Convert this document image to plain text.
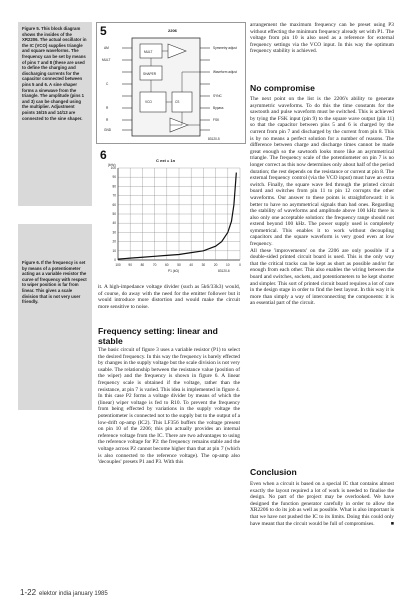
Figure 5. This block diagram shows the insides of the XR2206. The actual oscillator in the IC (VCO) supplies triangle and square waveforms. The frequency can be set by means of pins 7 and 8 (these are used to define the charging and discharging currents for the capacitor connected between pins 5 and 6. A sine shaper forms a sinewave from the triangle. The amplitude (pins 1 and 3) can be changed using the multiplier. Adjustment points 16/15 and 14/13 are connected to the sine shaper.
Figure 6. If the frequency is set by means of a potentiometer acting as a variable resistor the curve of frequency with respect to wiper position is far from linear. This gives a scale division that is not very user friendly.
5	2206
MULT
SHAPER
VCO	CS
AM
MULT
C
R
R
GND
Symmetry adjust
Waveform adjust
SYNC
Bypass
FSK
83120-5
6
(kHz)
C ext = 1n
0
10
20
30
40
50
60
70
80
90
100
100 90	80	70	60	50	40	30	20	10	0
P1 (kΩ)	83120-6
it. A high-impedance voltage divider (such as 5k6/33k3) would, of course, do away with the need for the emitter follower but it would introduce more distortion and would make the circuit more sensitive to noise.
Frequency setting: linear and stable
The basic circuit of figure 3 uses a variable resistor (P1) to select the desired frequency. In this way the frequency is barely effected by changes in the supply voltage but the scale division is not very usable. The relationship between the resistance value (position of the wiper) and the frequency is shown in figure 6. A linear frequency scale is obtained if the voltage, rather than the resistance, at pin 7 is varied. This idea is implemented in figure 4. In this case P2 forms a voltage divider by means of which the (linear) wiper voltage is fed to R10. To prevent the frequency from being effected by variations in the supply voltage the potentiometer is connected not to the supply but to the output of a low-drift op-amp (IC2). This LF356 buffers the voltage present on pin 10 of the 2206; this pin actually provides an internal reference voltage from the IC. There are two advantages to using the reference voltage for P2: the frequency remains stable and the voltage across P2 cannot become higher than that at pin 7 (which is also connected to the reference voltage). The op-amp also 'decouples' presets P1 and P3. With this
arrangement the maximum frequency can be preset using P3 without effecting the minimum frequency already set with P1. The voltage from pin 10 is also used as a reference for external frequency settings via the VCO input. In this way the optimum frequency stability is achieved.
No compromise
The next point on the list is the 2206's ability to generate asymmetric waveforms. To do this the time constants for the sawtooth and pulse waveform must be switched. This is achieved by tying the FSK input (pin 9) to the square wave output (pin 11) so that the capacitor between pins 5 and 6 is charged by the current from pin 7 and discharged by the current from pin 8. This is by no means a perfect solution for a number of reasons. The difference between charge and discharge times cannot be made great enough so the sawtooth looks more like an asymmetrical triangle. The frequency scale of the potentiometer on pin 7 is no longer correct as this now determines only about half of the period duration; the rest depends on the resistance or current at pin 8. The external frequency control (via the VCO input) must have an extra switch. Finally, the square wave fed through the printed circuit board and switches from pin 11 to pin 12 corrupts the other waveforms. Our answer to these points is straightforward: it is better to have no asymmetrical signals than bad ones. Regarding the stability of waveforms and amplitude above 100 kHz there is also only one acceptable solution: the frequency range should not extend beyond 100 kHz. The power supply used is completely symmetrical. This enables it to work without decoupling capacitors and the square waveform is very good even at low frequency.
All these 'improvements' on the 2206 are only possible if a double-sided printed circuit board is used. This is the only way that the critical tracks can be kept as short as possible and/or far enough from each other. This also enables the wiring between the board and switches, sockets, and potentiometers to be kept shorter and simpler. This sort of printed circuit board requires a lot of care in the design stage in order to find the best layout. In this way it is more than simply a way of interconnecting the components: it is an essential part of the circuit.
Conclusion
Even when a circuit is based on a special IC that contains almost exactly the layout required a lot of work is needed to finalise the design. No part of the project may be overlooked. We have designed the function generator carefully in order to allow the XR2206 to do its job as well as possible. What is also important is that we have not pushed the IC to its limits. Doing this could only have meant that the circuit would be full of compromises.	■
1-22 elektor india january 1985
